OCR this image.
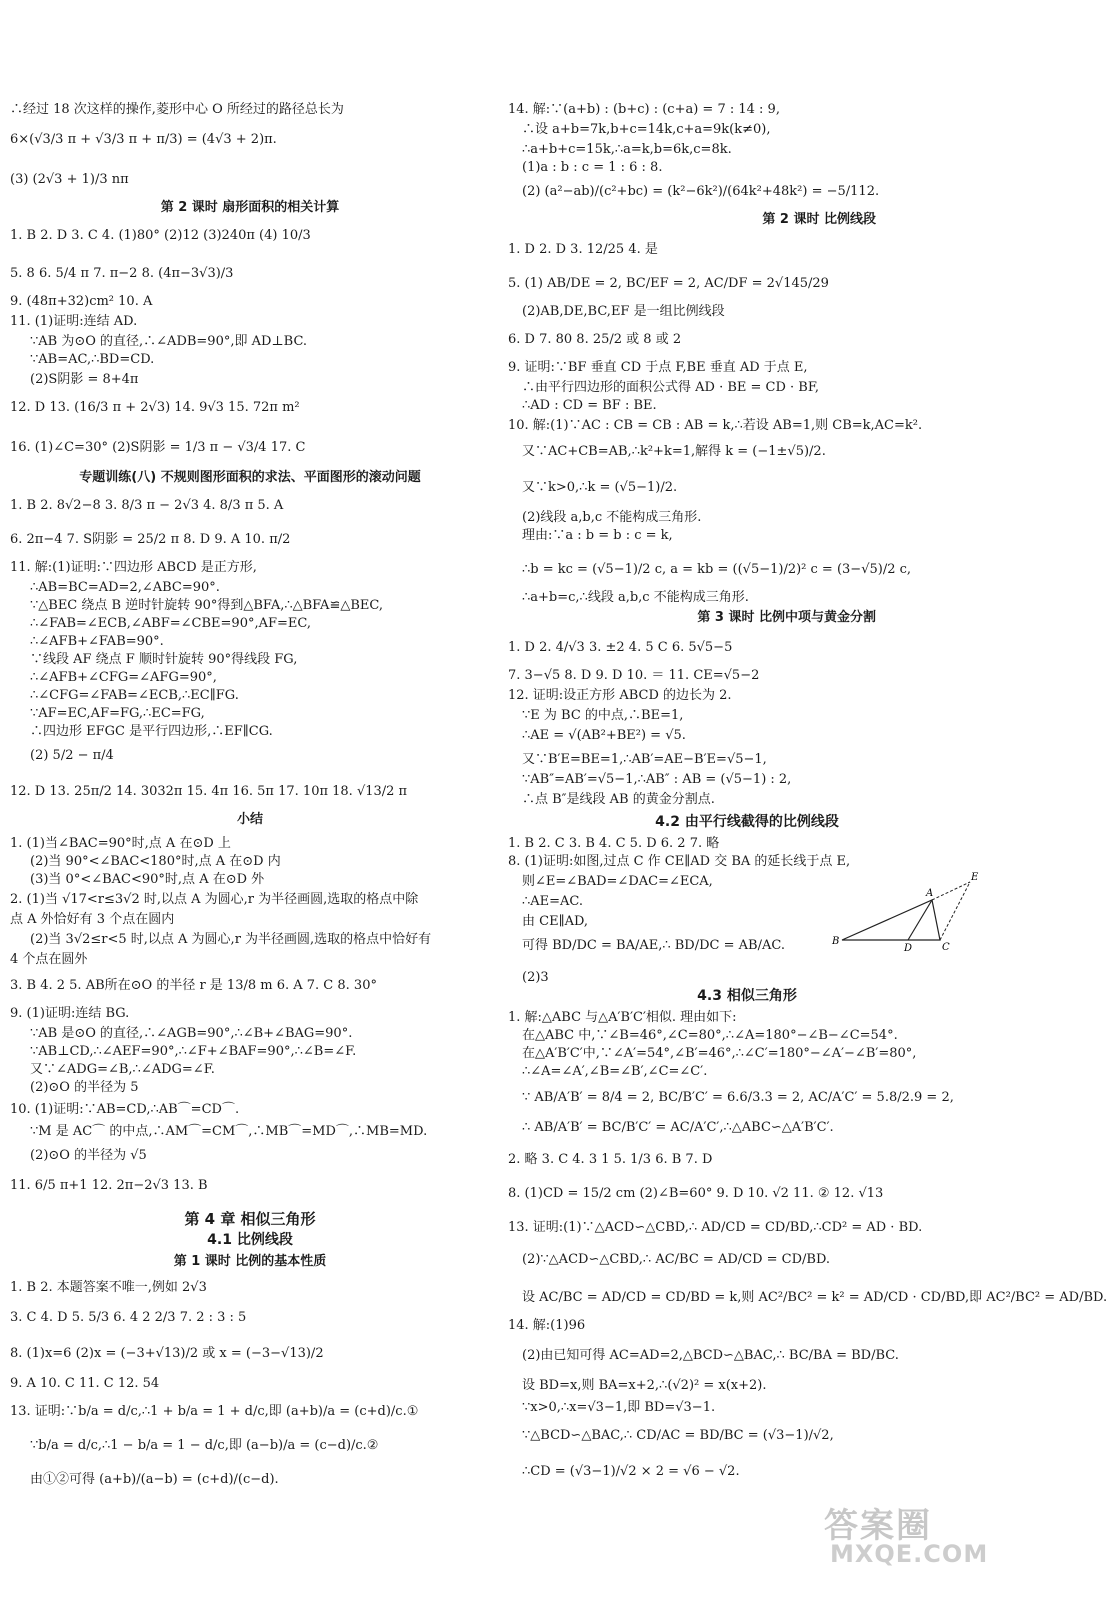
∴经过 18 次这样的操作,菱形中心 O 所经过的路径总长为
6×(√3/3 π + √3/3 π + π/3) = (4√3 + 2)π.
(3) (2√3 + 1)/3 nπ
第 2 课时 扇形面积的相关计算
1. B 2. D 3. C 4. (1)80° (2)12 (3)240π (4) 10/3
5. 8 6. 5/4 π 7. π−2 8. (4π−3√3)/3
9. (48π+32)cm² 10. A
11. (1)证明:连结 AD.
∵AB 为⊙O 的直径,∴∠ADB=90°,即 AD⊥BC.
∵AB=AC,∴BD=CD.
(2)S阴影 = 8+4π
12. D 13. (16/3 π + 2√3) 14. 9√3 15. 72π m²
16. (1)∠C=30° (2)S阴影 = 1/3 π − √3/4 17. C
专题训练(八) 不规则图形面积的求法、平面图形的滚动问题
1. B 2. 8√2−8 3. 8/3 π − 2√3 4. 8/3 π 5. A
6. 2π−4 7. S阴影 = 25/2 π 8. D 9. A 10. π/2
11. 解:(1)证明:∵四边形 ABCD 是正方形,
∴AB=BC=AD=2,∠ABC=90°.
∵△BEC 绕点 B 逆时针旋转 90°得到△BFA,∴△BFA≌△BEC,
∴∠FAB=∠ECB,∠ABF=∠CBE=90°,AF=EC,
∴∠AFB+∠FAB=90°.
∵线段 AF 绕点 F 顺时针旋转 90°得线段 FG,
∴∠AFB+∠CFG=∠AFG=90°,
∴∠CFG=∠FAB=∠ECB,∴EC∥FG.
∵AF=EC,AF=FG,∴EC=FG,
∴四边形 EFGC 是平行四边形,∴EF∥CG.
(2) 5/2 − π/4
12. D 13. 25π/2 14. 3032π 15. 4π 16. 5π 17. 10π 18. √13/2 π
小结
1. (1)当∠BAC=90°时,点 A 在⊙D 上
(2)当 90°<∠BAC<180°时,点 A 在⊙D 内
(3)当 0°<∠BAC<90°时,点 A 在⊙D 外
2. (1)当 √17<r≤3√2 时,以点 A 为圆心,r 为半径画圆,选取的格点中除
点 A 外恰好有 3 个点在圆内
(2)当 3√2≤r<5 时,以点 A 为圆心,r 为半径画圆,选取的格点中恰好有
4 个点在圆外
3. B 4. 2 5. AB所在⊙O 的半径 r 是 13/8 m 6. A 7. C 8. 30°
9. (1)证明:连结 BG.
∵AB 是⊙O 的直径,∴∠AGB=90°,∴∠B+∠BAG=90°.
∵AB⊥CD,∴∠AEF=90°,∴∠F+∠BAF=90°,∴∠B=∠F.
又∵∠ADG=∠B,∴∠ADG=∠F.
(2)⊙O 的半径为 5
10. (1)证明:∵AB=CD,∴AB⌒=CD⌒.
∵M 是 AC⌒ 的中点,∴AM⌒=CM⌒,∴MB⌒=MD⌒,∴MB=MD.
(2)⊙O 的半径为 √5
11. 6/5 π+1 12. 2π−2√3 13. B
第 4 章 相似三角形
4.1 比例线段
第 1 课时 比例的基本性质
1. B 2. 本题答案不唯一,例如 2√3
3. C 4. D 5. 5/3 6. 4 2 2/3 7. 2 : 3 : 5
8. (1)x=6 (2)x = (−3+√13)/2 或 x = (−3−√13)/2
9. A 10. C 11. C 12. 54
13. 证明:∵b/a = d/c,∴1 + b/a = 1 + d/c,即 (a+b)/a = (c+d)/c.①
∵b/a = d/c,∴1 − b/a = 1 − d/c,即 (a−b)/a = (c−d)/c.②
由①②可得 (a+b)/(a−b) = (c+d)/(c−d).
14. 解:∵(a+b) : (b+c) : (c+a) = 7 : 14 : 9,
∴设 a+b=7k,b+c=14k,c+a=9k(k≠0),
∴a+b+c=15k,∴a=k,b=6k,c=8k.
(1)a : b : c = 1 : 6 : 8.
(2) (a²−ab)/(c²+bc) = (k²−6k²)/(64k²+48k²) = −5/112.
第 2 课时 比例线段
1. D 2. D 3. 12/25 4. 是
5. (1) AB/DE = 2, BC/EF = 2, AC/DF = 2√145/29
(2)AB,DE,BC,EF 是一组比例线段
6. D 7. 80 8. 25/2 或 8 或 2
9. 证明:∵BF 垂直 CD 于点 F,BE 垂直 AD 于点 E,
∴由平行四边形的面积公式得 AD · BE = CD · BF,
∴AD : CD = BF : BE.
10. 解:(1)∵AC : CB = CB : AB = k,∴若设 AB=1,则 CB=k,AC=k².
又∵AC+CB=AB,∴k²+k=1,解得 k = (−1±√5)/2.
又∵k>0,∴k = (√5−1)/2.
(2)线段 a,b,c 不能构成三角形.
理由:∵a : b = b : c = k,
∴b = kc = (√5−1)/2 c, a = kb = ((√5−1)/2)² c = (3−√5)/2 c,
∴a+b=c,∴线段 a,b,c 不能构成三角形.
第 3 课时 比例中项与黄金分割
1. D 2. 4/√3 3. ±2 4. 5 C 6. 5√5−5
7. 3−√5 8. D 9. D 10. ＝ 11. CE=√5−2
12. 证明:设正方形 ABCD 的边长为 2.
∵E 为 BC 的中点,∴BE=1,
∴AE = √(AB²+BE²) = √5.
又∵B′E=BE=1,∴AB′=AE−B′E=√5−1,
∵AB″=AB′=√5−1,∴AB″ : AB = (√5−1) : 2,
∴点 B″是线段 AB 的黄金分割点.
4.2 由平行线截得的比例线段
1. B 2. C 3. B 4. C 5. D 6. 2 7. 略
8. (1)证明:如图,过点 C 作 CE∥AD 交 BA 的延长线于点 E,
则∠E=∠BAD=∠DAC=∠ECA,
∴AE=AC.
由 CE∥AD,
可得 BD/DC = BA/AE,∴ BD/DC = AB/AC.
(2)3
4.3 相似三角形
1. 解:△ABC 与△A′B′C′相似. 理由如下:
在△ABC 中,∵∠B=46°,∠C=80°,∴∠A=180°−∠B−∠C=54°.
在△A′B′C′中,∵∠A′=54°,∠B′=46°,∴∠C′=180°−∠A′−∠B′=80°,
∴∠A=∠A′,∠B=∠B′,∠C=∠C′.
∵ AB/A′B′ = 8/4 = 2, BC/B′C′ = 6.6/3.3 = 2, AC/A′C′ = 5.8/2.9 = 2,
∴ AB/A′B′ = BC/B′C′ = AC/A′C′,∴△ABC∽△A′B′C′.
2. 略 3. C 4. 3 1 5. 1/3 6. B 7. D
8. (1)CD = 15/2 cm (2)∠B=60° 9. D 10. √2 11. ② 12. √13
13. 证明:(1)∵△ACD∽△CBD,∴ AD/CD = CD/BD,∴CD² = AD · BD.
(2)∵△ACD∽△CBD,∴ AC/BC = AD/CD = CD/BD.
设 AC/BC = AD/CD = CD/BD = k,则 AC²/BC² = k² = AD/CD · CD/BD,即 AC²/BC² = AD/BD.
14. 解:(1)96
(2)由已知可得 AC=AD=2,△BCD∽△BAC,∴ BC/BA = BD/BC.
设 BD=x,则 BA=x+2,∴(√2)² = x(x+2).
∵x>0,∴x=√3−1,即 BD=√3−1.
∵△BCD∽△BAC,∴ CD/AC = BD/BC = (√3−1)/√2,
∴CD = (√3−1)/√2 × 2 = √6 − √2.
A
B
C
D
E
答案圈
MXQE.COM
